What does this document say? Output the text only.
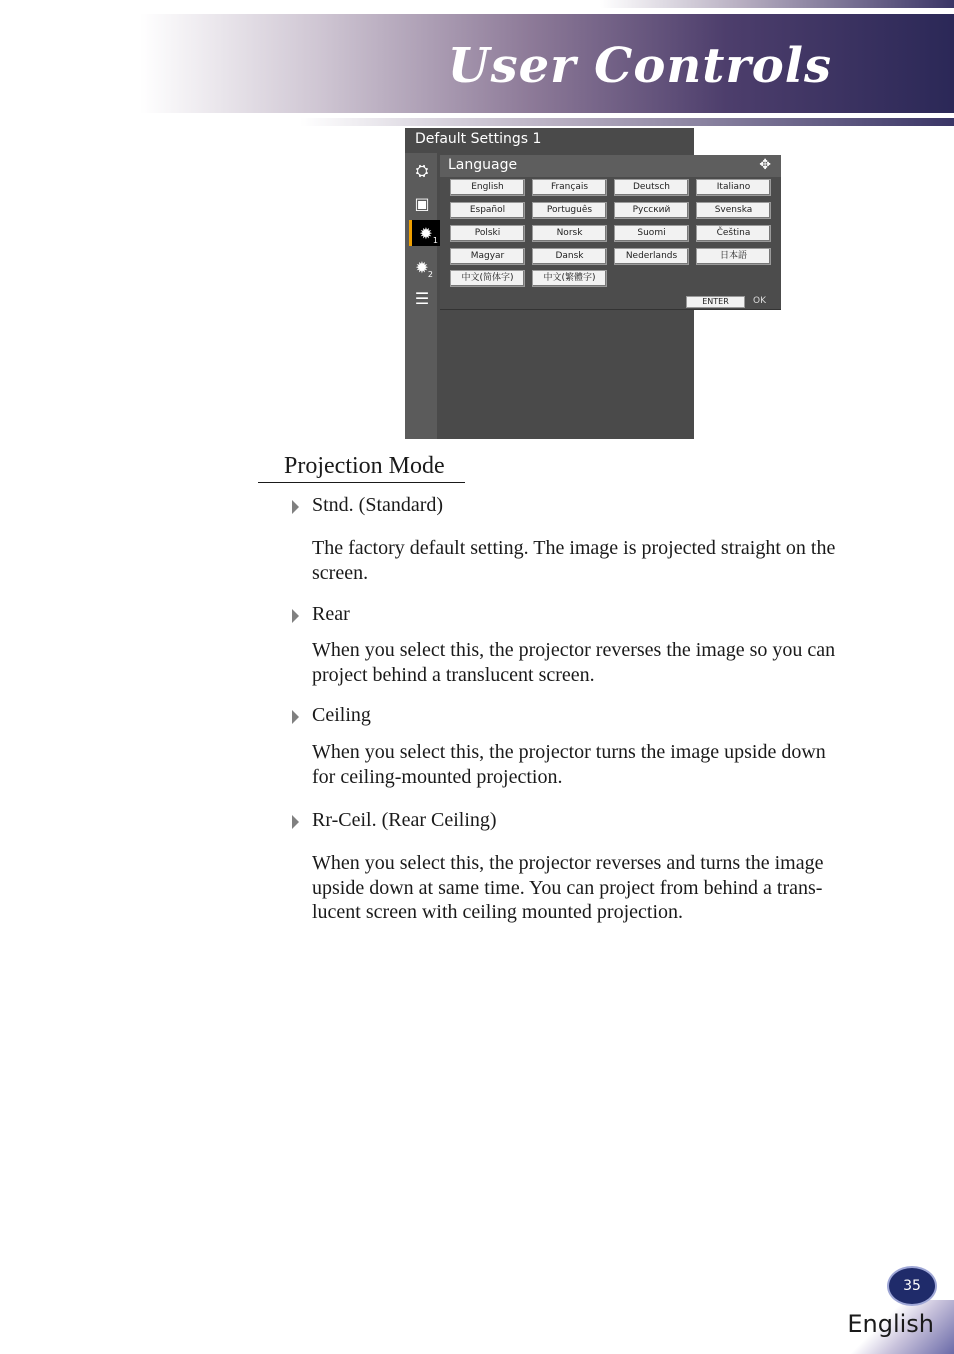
User Controls
Default Settings 1
⛭
▣
✹ 1
✹ 2
☰
Language	✥
English	Français	Deutsch	Italiano
Español	Português	Русский	Svenska
Polski	Norsk	Suomi	Čeština
Magyar	Dansk	Nederlands	日本語
中文(简体字)	中文(繁體字)
ENTER	OK
Projection Mode
Stnd. (Standard)
The factory default setting. The image is projected straight on the
screen.
Rear
When you select this, the projector reverses the image so you can
project behind a translucent screen.
Ceiling
When you select this, the projector turns the image upside down
for ceiling-mounted projection.
Rr-Ceil. (Rear Ceiling)
When you select this, the projector reverses and turns the image
upside down at same time. You can project from behind a trans-
lucent screen with ceiling mounted projection.
35
English
